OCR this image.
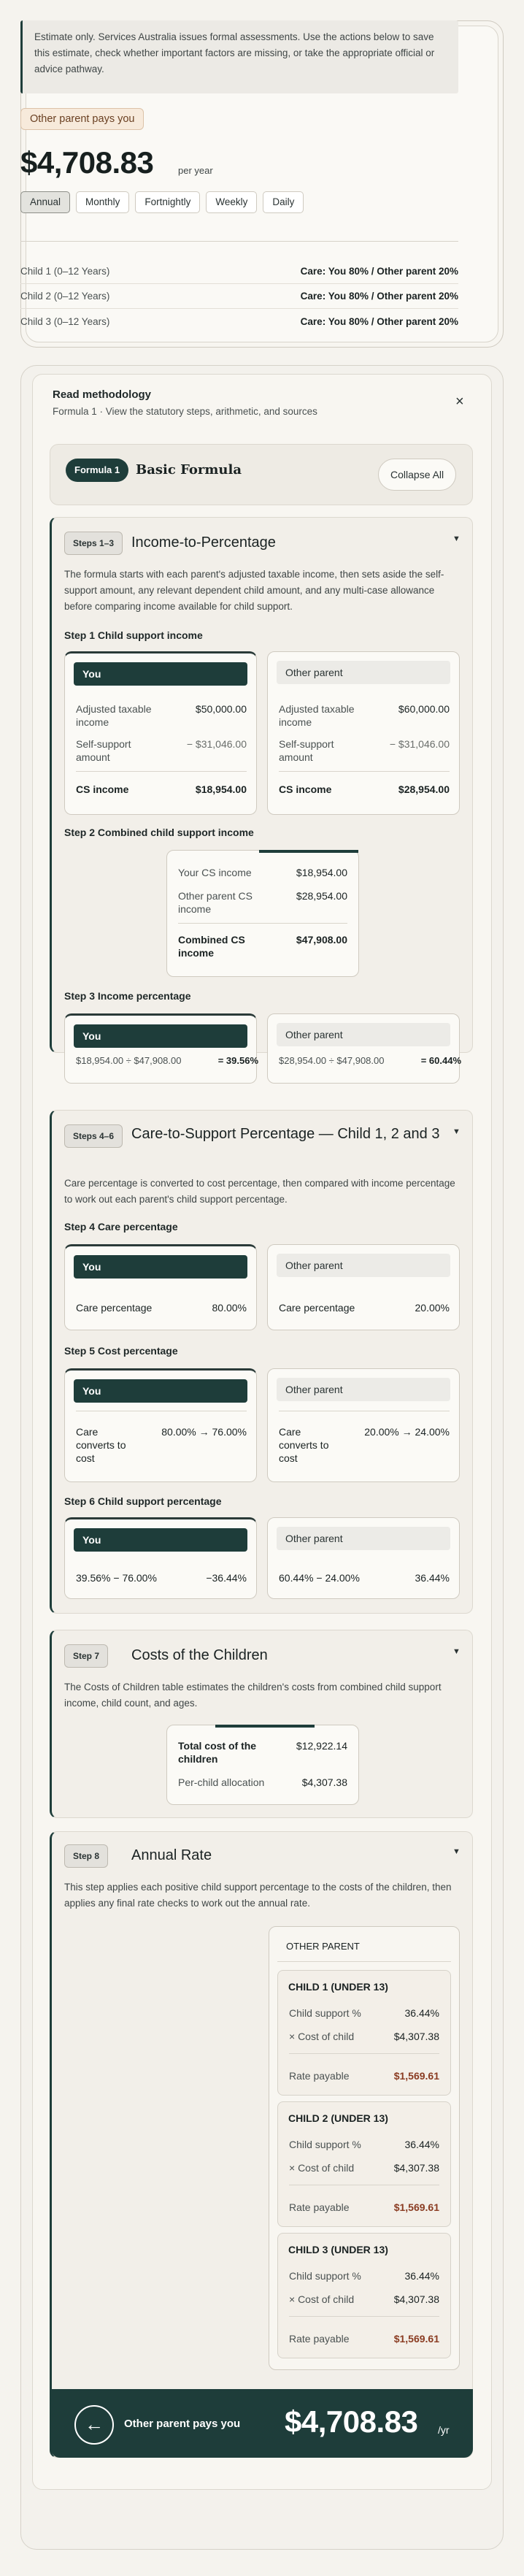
Estimate only. Services Australia issues formal assessments. Use the actions below to save this estimate, check whether important factors are missing, or take the appropriate official or advice pathway.
Other parent pays you
$4,708.83	per year
Annual	Monthly	Fortnightly	Weekly	Daily
Child 1 (0–12 Years)	Care: You 80% / Other parent 20%
Child 2 (0–12 Years)	Care: You 80% / Other parent 20%
Child 3 (0–12 Years)	Care: You 80% / Other parent 20%
Read methodology
Formula 1 · View the statutory steps, arithmetic, and sources
×
Formula 1	Basic Formula	Collapse All
Steps 1–3	Income-to-Percentage	▼
The formula starts with each parent's adjusted taxable income, then sets aside the self-support amount, any relevant dependent child amount, and any multi-case allowance before comparing income available for child support.
Step 1 Child support income
You
Adjusted taxable income
$50,000.00
Self-support amount
− $31,046.00
CS income	$18,954.00
Other parent
Adjusted taxable income
$60,000.00
Self-support amount
− $31,046.00
CS income	$28,954.00
Step 2 Combined child support income
Your CS income	$18,954.00
Other parent CS income
$28,954.00
Combined CS income
$47,908.00
Step 3 Income percentage
You
$18,954.00 ÷ $47,908.00	= 39.56%
Other parent
$28,954.00 ÷ $47,908.00	= 60.44%
Steps 4–6	Care-to-Support Percentage — Child 1, 2 and 3	▼
Care percentage is converted to cost percentage, then compared with income percentage to work out each parent's child support percentage.
Step 4 Care percentage
You
Care percentage	80.00%
Other parent
Care percentage	20.00%
Step 5 Cost percentage
You
Care converts to cost
80.00% → 76.00%
Other parent
Care converts to cost
20.00% → 24.00%
Step 6 Child support percentage
You
39.56% − 76.00%	−36.44%
Other parent
60.44% − 24.00%	36.44%
Step 7	Costs of the Children	▼
The Costs of Children table estimates the children's costs from combined child support income, child count, and ages.
Total cost of the children
$12,922.14
Per-child allocation	$4,307.38
Step 8	Annual Rate	▼
This step applies each positive child support percentage to the costs of the children, then applies any final rate checks to work out the annual rate.
OTHER PARENT
CHILD 1 (UNDER 13)
Child support %	36.44%
× Cost of child	$4,307.38
Rate payable	$1,569.61
CHILD 2 (UNDER 13)
Child support %	36.44%
× Cost of child	$4,307.38
Rate payable	$1,569.61
CHILD 3 (UNDER 13)
Child support %	36.44%
× Cost of child	$4,307.38
Rate payable	$1,569.61
←	Other parent pays you $4,708.83 /yr
